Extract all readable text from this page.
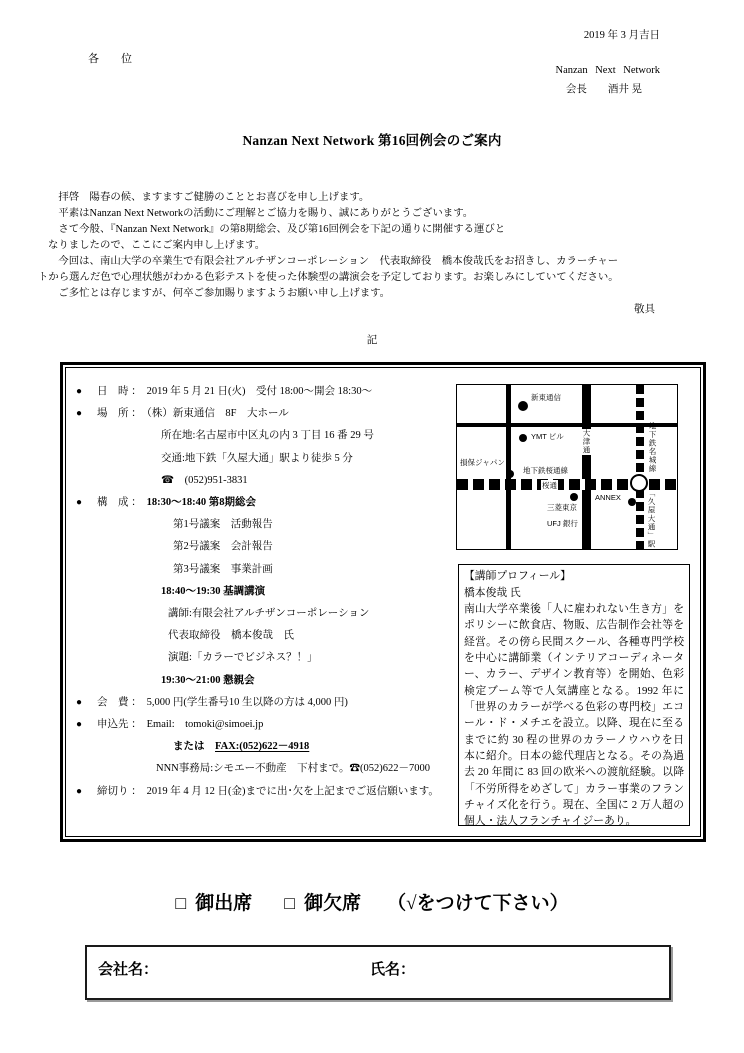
2019 年 3 月吉日
各　　位
Nanzan Next Network
会長　　酒井 晃
Nanzan Next Network 第16回例会のご案内
　拝啓　陽春の候、ますますご健勝のこととお喜びを申し上げます。
　平素はNanzan Next Networkの活動にご理解とご協力を賜り、誠にありがとうございます。
　さて今般、『Nanzan Next Network』の第8期総会、及び第16回例会を下記の通りに開催する運びと
なりましたので、ここにご案内申し上げます。
　今回は、南山大学の卒業生で有限会社アルチザンコーポレーション　代表取締役　橋本俊哉氏をお招きし、カラーチャー
トから選んだ色で心理状態がわかる色彩テストを使った体験型の講演会を予定しております。お楽しみにしていてください。
　ご多忙とは存じますが、何卒ご参加賜りますようお願い申し上げます。
敬具
記
● 日　時 ： 2019 年 5 月 21 日(火)　受付 18:00～開会 18:30～
● 場　所 ： （株）新東通信　8F　大ホール
所在地:名古屋市中区丸の内 3 丁目 16 番 29 号
交通:地下鉄「久屋大通」駅より徒歩 5 分
☎　(052)951-3831
● 構　成 ： 18:30～18:40 第8期総会
第1号議案　活動報告
第2号議案　会計報告
第3号議案　事業計画
18:40～19:30 基調講演
講師:有限会社アルチザンコーポレーション
代表取締役　橋本俊哉　氏
演題:「カラーでビジネス？！」
19:30～21:00 懇親会
● 会　費 ： 5,000 円(学生番号10 生以降の方は 4,000 円)
● 申込先 ： Email:　tomoki@simoei.jp
または　FAX:(052)622－4918
NNN事務局:シモエー不動産　下村まで。☎(052)622－7000
● 締切り ： 2019 年 4 月 12 日(金)までに出･欠を上記までご返信願います。
新東通信
YMT ビル
損保ジャパン
地下鉄桜通線
桜通
大津通	地下鉄名城線
ANNEX
三菱東京
UFJ 銀行	「久屋大通」駅
【講師プロフィール】
橋本俊哉 氏
南山大学卒業後「人に雇われない生き方」をポリシーに飲食店、物販、広告制作会社等を経営。その傍ら民間スクール、各種専門学校を中心に講師業（インテリアコーディネーター、カラー、デザイン教育等）を開始、色彩検定ブーム等で人気講座となる。1992 年に「世界のカラーが学べる色彩の専門校」エコール・ド・メチエを設立。以降、現在に至るまでに約 30 程の世界のカラーノウハウを日本に紹介。日本の総代理店となる。その為過去 20 年間に 83 回の欧米への渡航経験。以降「不労所得をめざして」カラー事業のフランチャイズ化を行う。現在、全国に 2 万人超の個人・法人フランチャイジーあり。
□ 御出席 □ 御欠席 （√をつけて下さい）
会社名：	氏名：
